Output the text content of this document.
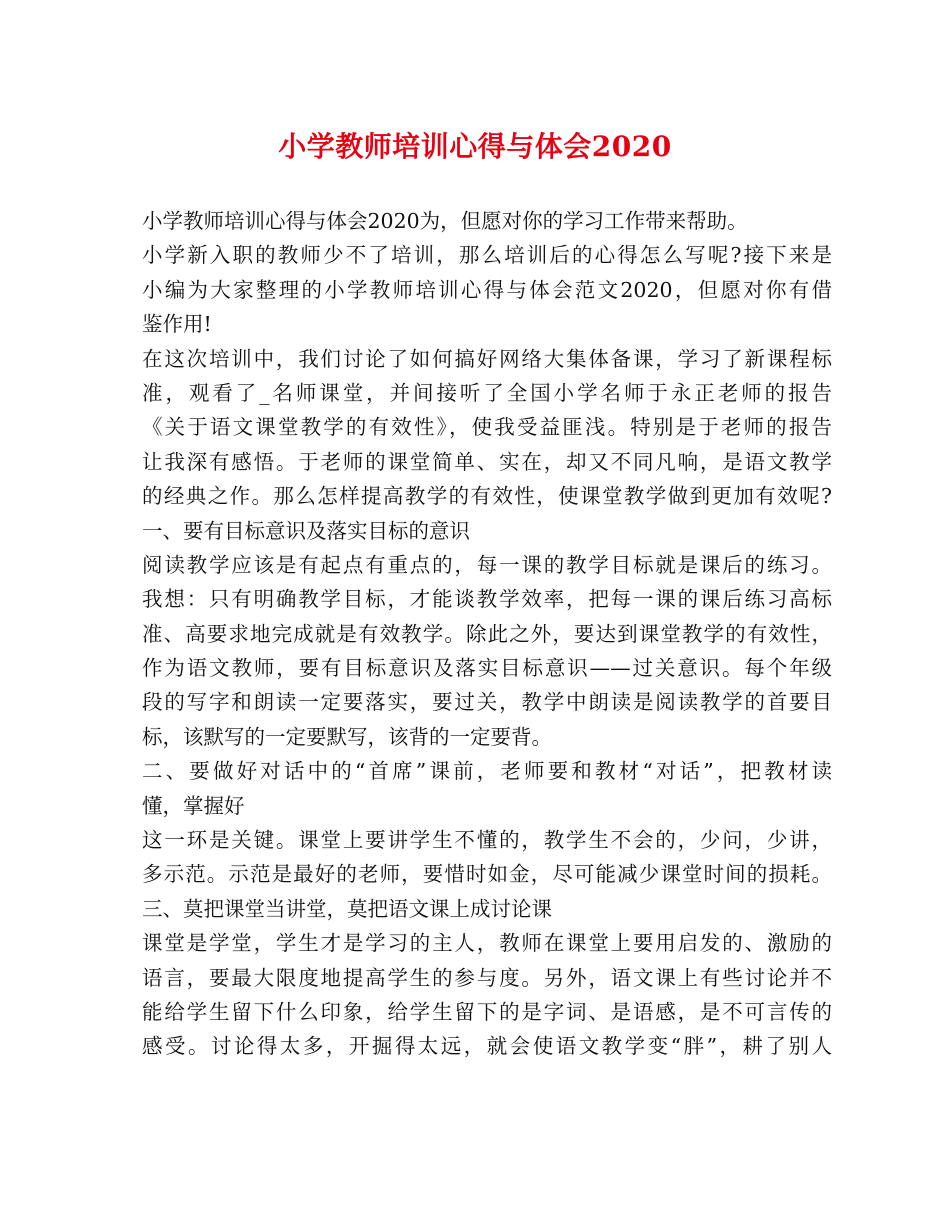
小学教师培训心得与体会2020
小学教师培训心得与体会2020为，但愿对你的学习工作带来帮助。
小学新入职的教师少不了培训，那么培训后的心得怎么写呢?接下来是
小编为大家整理的小学教师培训心得与体会范文2020，但愿对你有借
鉴作用!
在这次培训中，我们讨论了如何搞好网络大集体备课，学习了新课程标
准，观看了_名师课堂，并间接听了全国小学名师于永正老师的报告
《关于语文课堂教学的有效性》，使我受益匪浅。特别是于老师的报告
让我深有感悟。于老师的课堂简单、实在，却又不同凡响，是语文教学
的经典之作。那么怎样提高教学的有效性，使课堂教学做到更加有效呢?
一、要有目标意识及落实目标的意识
阅读教学应该是有起点有重点的，每一课的教学目标就是课后的练习。
我想：只有明确教学目标，才能谈教学效率，把每一课的课后练习高标
准、高要求地完成就是有效教学。除此之外，要达到课堂教学的有效性，
作为语文教师，要有目标意识及落实目标意识——过关意识。每个年级
段的写字和朗读一定要落实，要过关，教学中朗读是阅读教学的首要目
标，该默写的一定要默写，该背的一定要背。
二、要做好对话中的“首席”课前，老师要和教材“对话”，把教材读
懂，掌握好
这一环是关键。课堂上要讲学生不懂的，教学生不会的，少问，少讲，
多示范。示范是最好的老师，要惜时如金，尽可能减少课堂时间的损耗。
三、莫把课堂当讲堂，莫把语文课上成讨论课
课堂是学堂，学生才是学习的主人，教师在课堂上要用启发的、激励的
语言，要最大限度地提高学生的参与度。另外，语文课上有些讨论并不
能给学生留下什么印象，给学生留下的是字词、是语感，是不可言传的
感受。讨论得太多，开掘得太远，就会使语文教学变“胖”，耕了别人
